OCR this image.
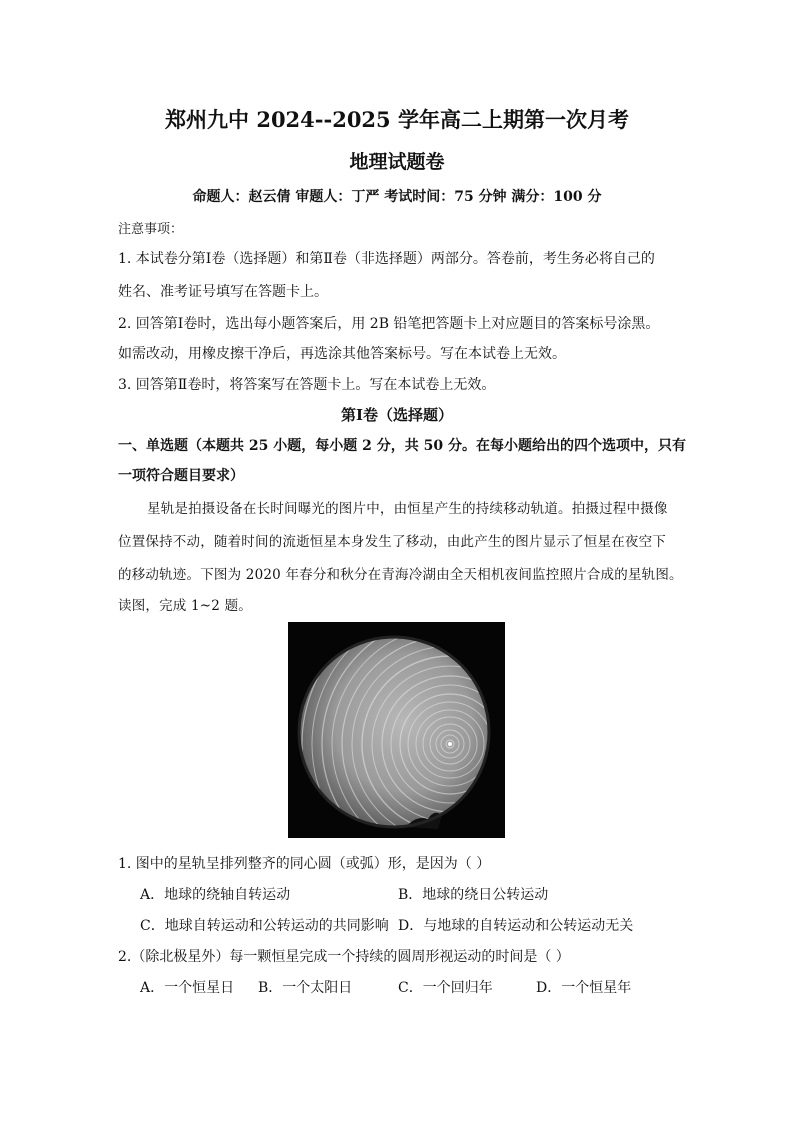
郑州九中 2024--2025 学年高二上期第一次月考
地理试题卷
命题人：赵云倩 审题人：丁严 考试时间：75 分钟 满分：100 分
注意事项：
1. 本试卷分第Ⅰ卷（选择题）和第Ⅱ卷（非选择题）两部分。答卷前，考生务必将自己的
姓名、准考证号填写在答题卡上。
2. 回答第Ⅰ卷时，选出每小题答案后，用 2B 铅笔把答题卡上对应题目的答案标号涂黑。
如需改动，用橡皮擦干净后，再选涂其他答案标号。写在本试卷上无效。
3. 回答第Ⅱ卷时，将答案写在答题卡上。写在本试卷上无效。
第Ⅰ卷（选择题）
一、单选题（本题共 25 小题，每小题 2 分，共 50 分。在每小题给出的四个选项中，只有
一项符合题目要求）
星轨是拍摄设备在长时间曝光的图片中，由恒星产生的持续移动轨道。拍摄过程中摄像
位置保持不动，随着时间的流逝恒星本身发生了移动，由此产生的图片显示了恒星在夜空下
的移动轨迹。下图为 2020 年春分和秋分在青海冷湖由全天相机夜间监控照片合成的星轨图。
读图，完成 1~2 题。
1. 图中的星轨呈排列整齐的同心圆（或弧）形，是因为（ ）
A．地球的绕轴自转运动	B．地球的绕日公转运动
C．地球自转运动和公转运动的共同影响 D．与地球的自转运动和公转运动无关
2.（除北极星外）每一颗恒星完成一个持续的圆周形视运动的时间是（ ）
A．一个恒星日 B．一个太阳日	C．一个回归年	D．一个恒星年
